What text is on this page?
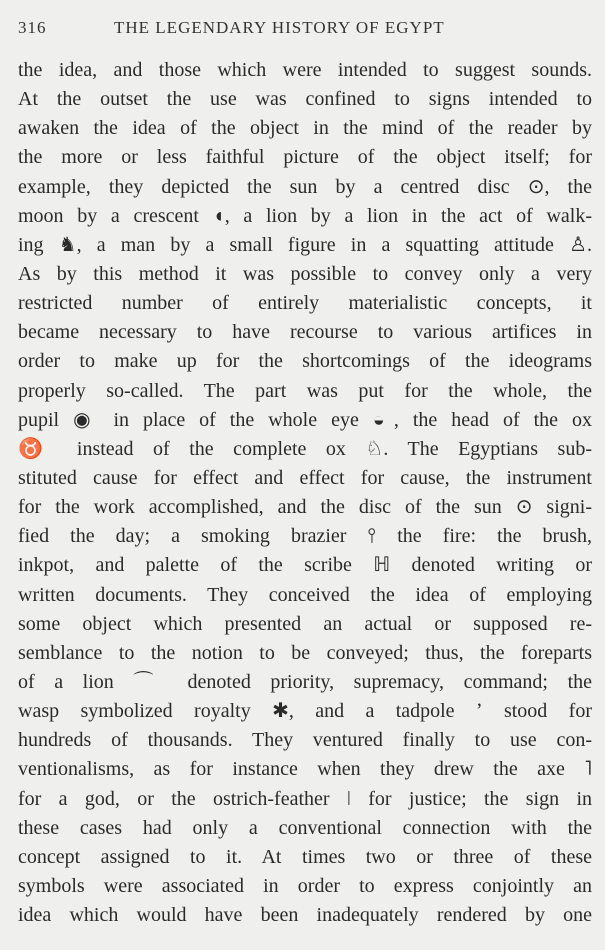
316	THE LEGENDARY HISTORY OF EGYPT
the idea, and those which were intended to suggest sounds.
At the outset the use was confined to signs intended to
awaken the idea of the object in the mind of the reader by
the more or less faithful picture of the object itself; for
example, they depicted the sun by a centred disc ⊙, the
moon by a crescent ◖, a lion by a lion in the act of walk-
ing ♞, a man by a small figure in a squatting attitude ♙.
As by this method it was possible to convey only a very
restricted number of entirely materialistic concepts, it
became necessary to have recourse to various artifices in
order to make up for the shortcomings of the ideograms
properly so-called. The part was put for the whole, the
pupil ◉ in place of the whole eye ◒, the head of the ox
♉ instead of the complete ox ♘. The Egyptians sub-
stituted cause for effect and effect for cause, the instrument
for the work accomplished, and the disc of the sun ⊙ signi-
fied the day; a smoking brazier ⫯ the fire: the brush,
inkpot, and palette of the scribe ℍ denoted writing or
written documents. They conceived the idea of employing
some object which presented an actual or supposed re-
semblance to the notion to be conveyed; thus, the foreparts
of a lion ⌒ denoted priority, supremacy, command; the
wasp symbolized royalty ✱, and a tadpole ʼ stood for
hundreds of thousands. They ventured finally to use con-
ventionalisms, as for instance when they drew the axe ˥
for a god, or the ostrich-feather ǀ for justice; the sign in
these cases had only a conventional connection with the
concept assigned to it. At times two or three of these
symbols were associated in order to express conjointly an
idea which would have been inadequately rendered by one
